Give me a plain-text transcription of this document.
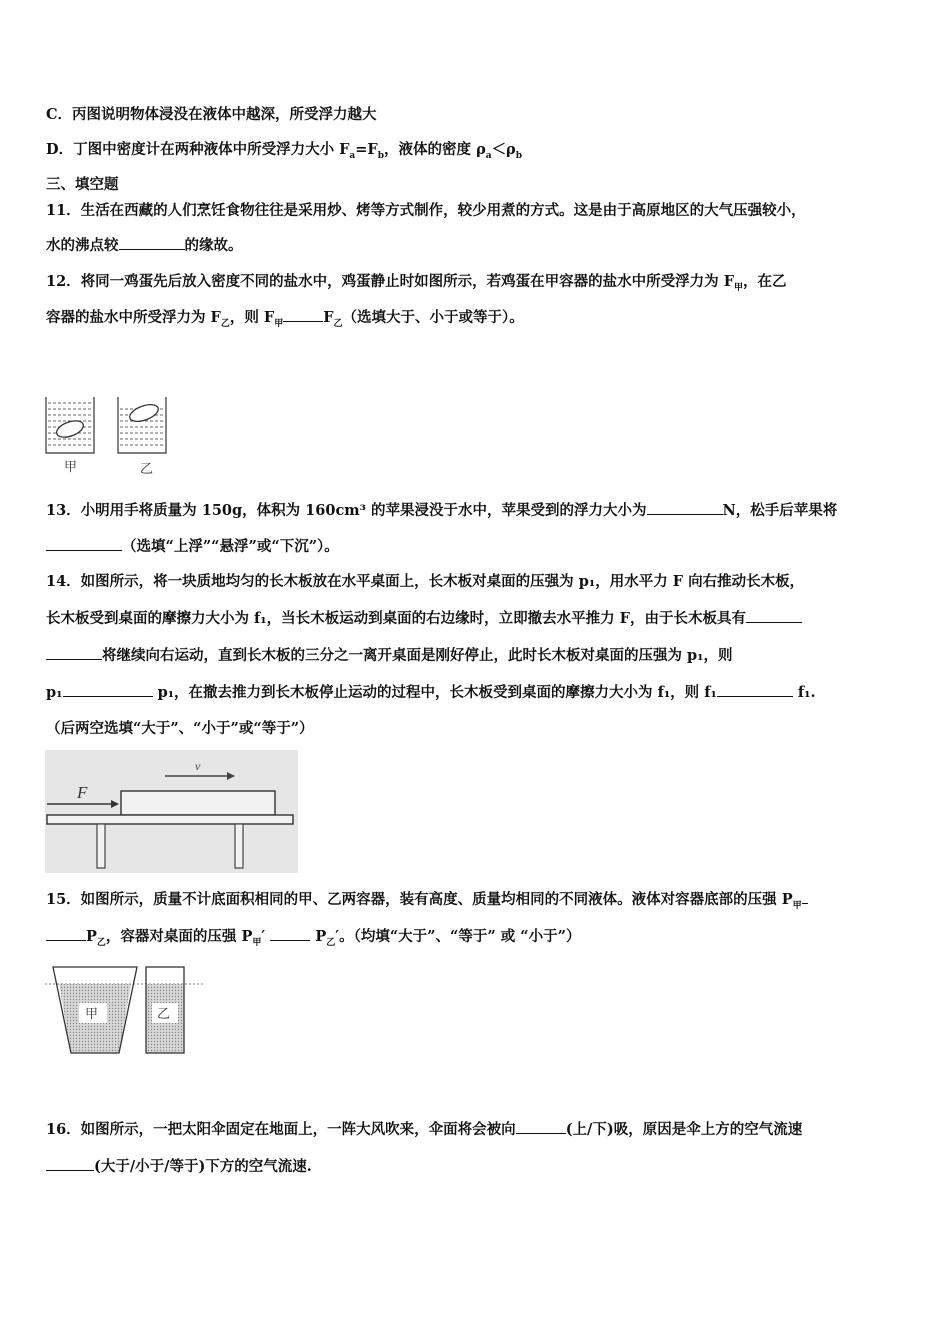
C．丙图说明物体浸没在液体中越深，所受浮力越大
D．丁图中密度计在两种液体中所受浮力大小 $F_a=F_b$，液体的密度 $\rho_a<\rho_b$
三、填空题
11．生活在西藏的人们烹饪食物往往是采用炒、烤等方式制作，较少用煮的方式。这是由于高原地区的大气压强较小，
水的沸点较	的缘故。
12．将同一鸡蛋先后放入密度不同的盐水中，鸡蛋静止时如图所示，若鸡蛋在甲容器的盐水中所受浮力为 $F_甲$，在乙
容器的盐水中所受浮力为 $F_乙$，则 $F_甲$	$F_乙$（选填大于、小于或等于）。
甲	乙
13．小明用手将质量为 150g，体积为 160cm³ 的苹果浸没于水中，苹果受到的浮力大小为	N，松手后苹果将
（选填“上浮”“悬浮”或“下沉”）。
14．如图所示，将一块质地均匀的长木板放在水平桌面上，长木板对桌面的压强为 p₁，用水平力 F 向右推动长木板，
长木板受到桌面的摩擦力大小为 f₁，当长木板运动到桌面的右边缘时，立即撤去水平推力 F，由于长木板具有
将继续向右运动，直到长木板的三分之一离开桌面是刚好停止，此时长木板对桌面的压强为 p₁，则
p₁	p₁，在撤去推力到长木板停止运动的过程中，长木板受到桌面的摩擦力大小为 f₁，则 f₁	f₁.
（后两空选填“大于”、“小于”或“等于”）
v
F
15．如图所示，质量不计底面积相同的甲、乙两容器，装有高度、质量均相同的不同液体。液体对容器底部的压强 $P_甲$
$P_乙$，容器对桌面的压强 $P_甲'$	$P_乙'$。（均填“大于”、“等于” 或 “小于”）
甲	乙
16．如图所示，一把太阳伞固定在地面上，一阵大风吹来，伞面将会被向	(上/下)吸，原因是伞上方的空气流速
(大于/小于/等于)下方的空气流速.
